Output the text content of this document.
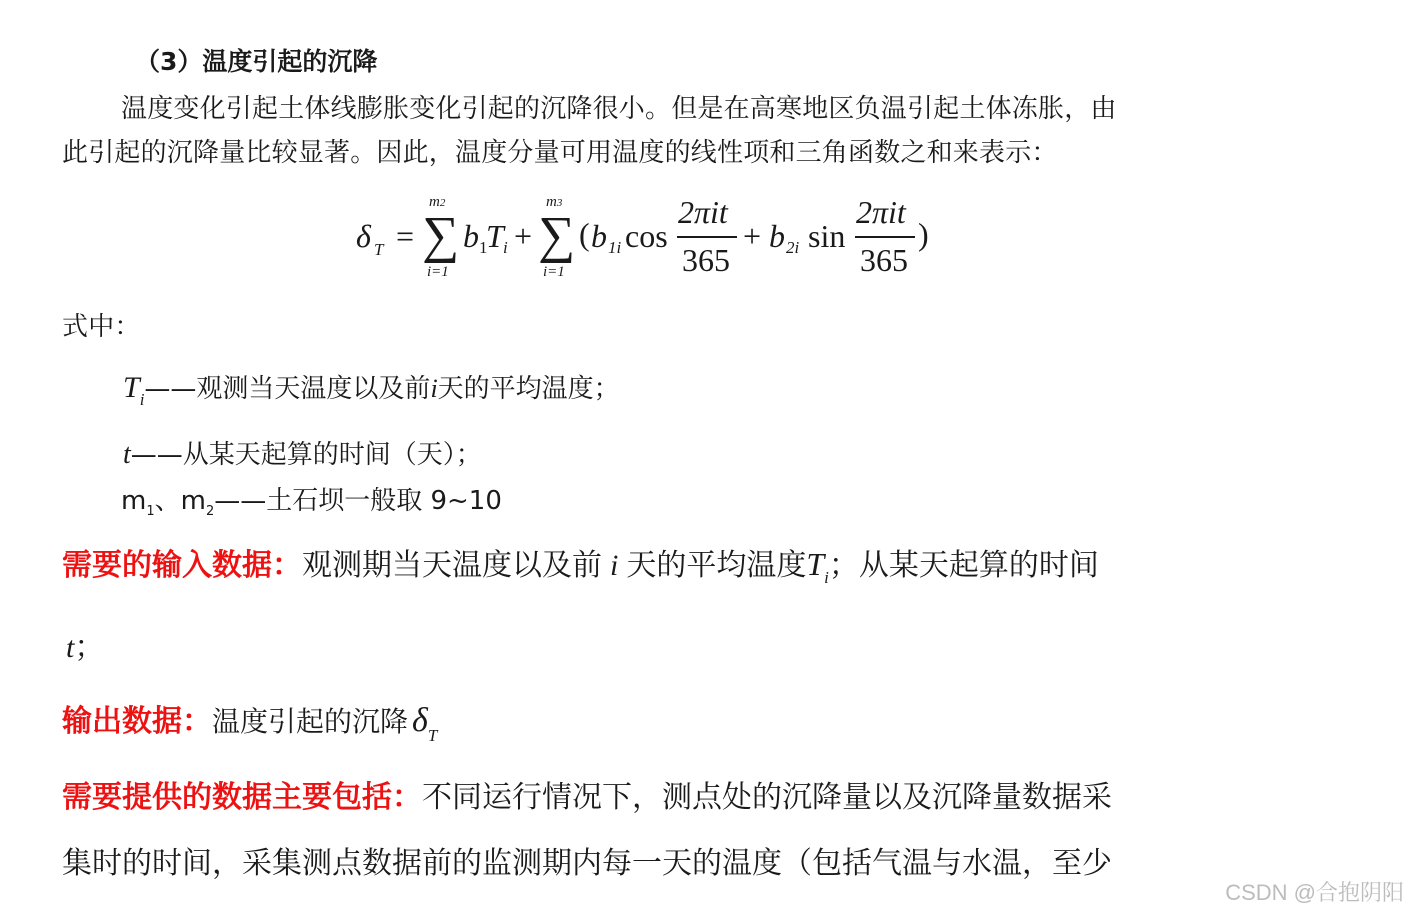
（3）温度引起的沉降
温度变化引起土体线膨胀变化引起的沉降很小。但是在高寒地区负温引起土体冻胀，由
此引起的沉降量比较显著。因此，温度分量可用温度的线性项和三角函数之和来表示：
δ T =
m2
∑
i=1
b 1
T i +
m3
∑
i=1
( b 1i cos
2πit
365
+ b 2i sin
2πit
365
)
式中：
$T_i——$观测当天温度以及前i天的平均温度；
t——从某天起算的时间（天）；
$m_1$、$m_2——$土石坝一般取 9~10
需要的输入数据：观测期当天温度以及前 i 天的平均温度$T_i$；从某天起算的时间
t；
输出数据：温度引起的沉降 $\delta_T$
需要提供的数据主要包括：不同运行情况下，测点处的沉降量以及沉降量数据采
集时的时间，采集测点数据前的监测期内每一天的温度（包括气温与水温，至少
CSDN @合抱阴阳
